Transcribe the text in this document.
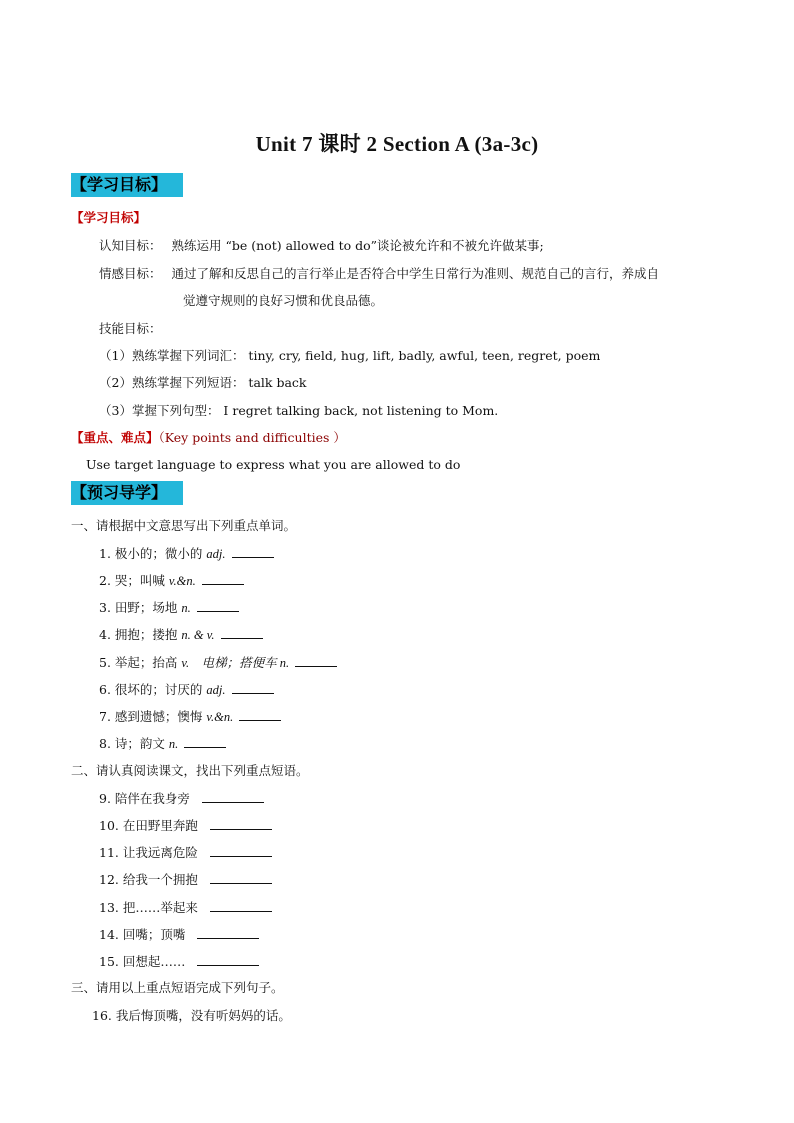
Unit 7 课时 2 Section A (3a-3c)
【学习目标】
【学习目标】
认知目标： 熟练运用 “be (not) allowed to do”谈论被允许和不被允许做某事;
情感目标： 通过了解和反思自己的言行举止是否符合中学生日常行为准则、规范自己的言行，养成自
觉遵守规则的良好习惯和优良品德。
技能目标：
（1）熟练掌握下列词汇： tiny, cry, field, hug, lift, badly, awful, teen, regret, poem
（2）熟练掌握下列短语： talk back
（3）掌握下列句型： I regret talking back, not listening to Mom.
【重点、难点】（Key points and difficulties ）
Use target language to express what you are allowed to do
【预习导学】
一、请根据中文意思写出下列重点单词。
1. 极小的；微小的 adj.
2. 哭；叫喊 v.&n.
3. 田野；场地 n.
4. 拥抱；搂抱 n. & v.
5. 举起；抬高 v.    电梯；搭便车 n.
6. 很坏的；讨厌的 adj.
7. 感到遗憾；懊悔 v.&n.
8. 诗；韵文 n.
二、请认真阅读课文，找出下列重点短语。
9. 陪伴在我身旁
10. 在田野里奔跑
11. 让我远离危险
12. 给我一个拥抱
13. 把……举起来
14. 回嘴；顶嘴
15. 回想起……
三、请用以上重点短语完成下列句子。
16. 我后悔顶嘴，没有听妈妈的话。
